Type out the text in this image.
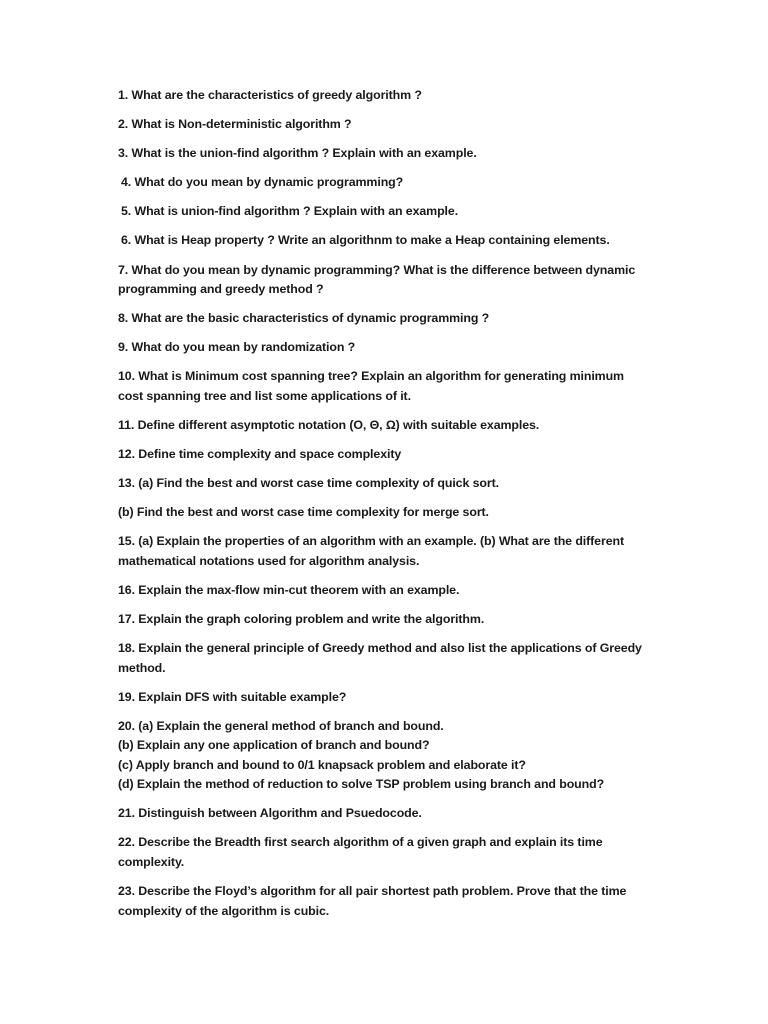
1. What are the characteristics of greedy algorithm ?
2. What is Non-deterministic algorithm ?
3. What is the union-find algorithm ? Explain with an example.
4. What do you mean by dynamic programming?
5. What is union-find algorithm ? Explain with an example.
6. What is Heap property ? Write an algorithnm to make a Heap containing elements.
7. What do you mean by dynamic programming? What is the difference between dynamic
programming and greedy method ?
8. What are the basic characteristics of dynamic programming ?
9. What do you mean by randomization ?
10. What is Minimum cost spanning tree? Explain an algorithm for generating minimum
cost spanning tree and list some applications of it.
11. Define different asymptotic notation (O, Θ, Ω) with suitable examples.
12. Define time complexity and space complexity
13. (a) Find the best and worst case time complexity of quick sort.
(b) Find the best and worst case time complexity for merge sort.
15. (a) Explain the properties of an algorithm with an example. (b) What are the different
mathematical notations used for algorithm analysis.
16. Explain the max-flow min-cut theorem with an example.
17. Explain the graph coloring problem and write the algorithm.
18. Explain the general principle of Greedy method and also list the applications of Greedy
method.
19. Explain DFS with suitable example?
20. (a) Explain the general method of branch and bound.
(b) Explain any one application of branch and bound?
(c) Apply branch and bound to 0/1 knapsack problem and elaborate it?
(d) Explain the method of reduction to solve TSP problem using branch and bound?
21. Distinguish between Algorithm and Psuedocode.
22. Describe the Breadth first search algorithm of a given graph and explain its time
complexity.
23. Describe the Floyd’s algorithm for all pair shortest path problem. Prove that the time
complexity of the algorithm is cubic.
